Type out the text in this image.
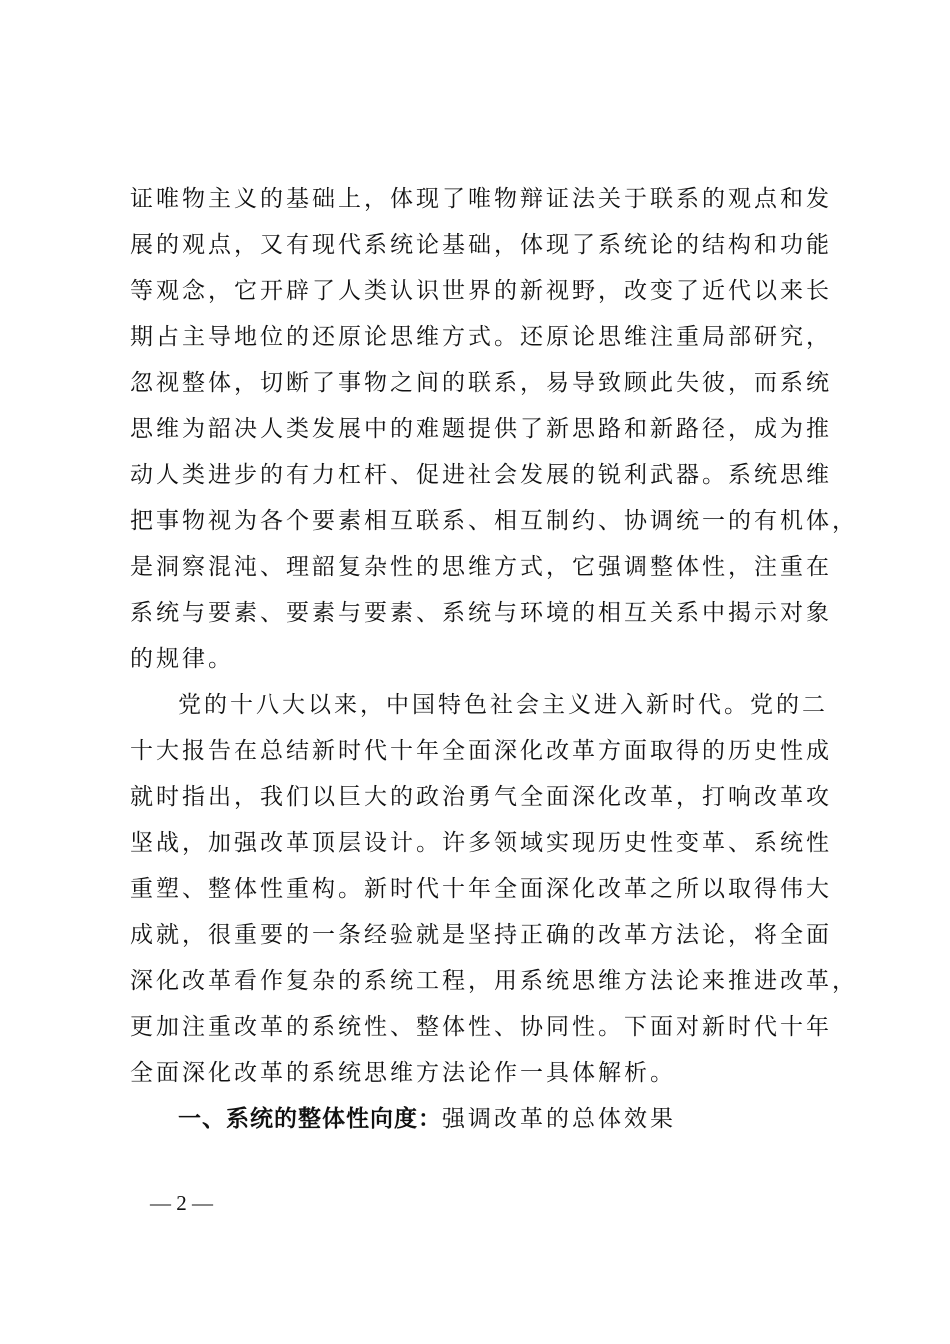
证唯物主义的基础上，体现了唯物辩证法关于联系的观点和发
展的观点，又有现代系统论基础，体现了系统论的结构和功能
等观念，它开辟了人类认识世界的新视野，改变了近代以来长
期占主导地位的还原论思维方式。还原论思维注重局部研究，
忽视整体，切断了事物之间的联系，易导致顾此失彼，而系统
思维为韶决人类发展中的难题提供了新思路和新路径，成为推
动人类进步的有力杠杆、促进社会发展的锐利武器。系统思维
把事物视为各个要素相互联系、相互制约、协调统一的有机体，
是洞察混沌、理韶复杂性的思维方式，它强调整体性，注重在
系统与要素、要素与要素、系统与环境的相互关系中揭示对象
的规律。
党的十八大以来，中国特色社会主义进入新时代。党的二
十大报告在总结新时代十年全面深化改革方面取得的历史性成
就时指出，我们以巨大的政治勇气全面深化改革，打响改革攻
坚战，加强改革顶层设计。许多领域实现历史性变革、系统性
重塑、整体性重构。新时代十年全面深化改革之所以取得伟大
成就，很重要的一条经验就是坚持正确的改革方法论，将全面
深化改革看作复杂的系统工程，用系统思维方法论来推进改革，
更加注重改革的系统性、整体性、协同性。下面对新时代十年
全面深化改革的系统思维方法论作一具体解析。
一、系统的整体性向度：强调改革的总体效果
— 2 —
